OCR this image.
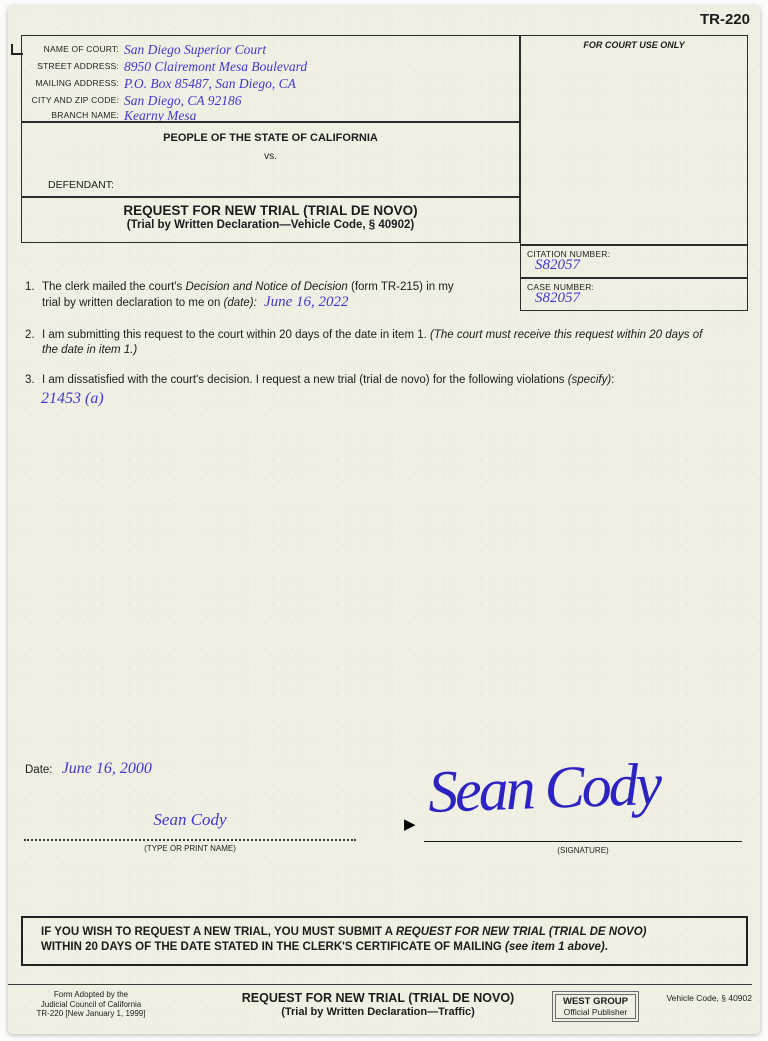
TR-220
NAME OF COURT: San Diego Superior Court
STREET ADDRESS: 8950 Clairemont Mesa Boulevard
MAILING ADDRESS: P.O. Box 85487, San Diego, CA
CITY AND ZIP CODE: San Diego, CA 92186
BRANCH NAME: Kearny Mesa
FOR COURT USE ONLY
PEOPLE OF THE STATE OF CALIFORNIA
vs.
DEFENDANT:
REQUEST FOR NEW TRIAL (TRIAL DE NOVO)
(Trial by Written Declaration—Vehicle Code, § 40902)
CITATION NUMBER:
S82057
CASE NUMBER:
S82057
1. The clerk mailed the court's Decision and Notice of Decision (form TR-215) in my
trial by written declaration to me on (date): June 16, 2022
2. I am submitting this request to the court within 20 days of the date in item 1. (The court must receive this request within 20 days of
the date in item 1.)
3. I am dissatisfied with the court's decision. I request a new trial (trial de novo) for the following violations (specify):
21453 (a)
Date: June 16, 2000
Sean Cody
(TYPE OR PRINT NAME)
▶ Sean Cody
(SIGNATURE)
IF YOU WISH TO REQUEST A NEW TRIAL, YOU MUST SUBMIT A REQUEST FOR NEW TRIAL (TRIAL DE NOVO)
WITHIN 20 DAYS OF THE DATE STATED IN THE CLERK'S CERTIFICATE OF MAILING (see item 1 above).
Form Adopted by the
Judicial Council of California
TR-220 [New January 1, 1999]
REQUEST FOR NEW TRIAL (TRIAL DE NOVO)
(Trial by Written Declaration—Traffic)
WEST GROUP
Official Publisher
Vehicle Code, § 40902
